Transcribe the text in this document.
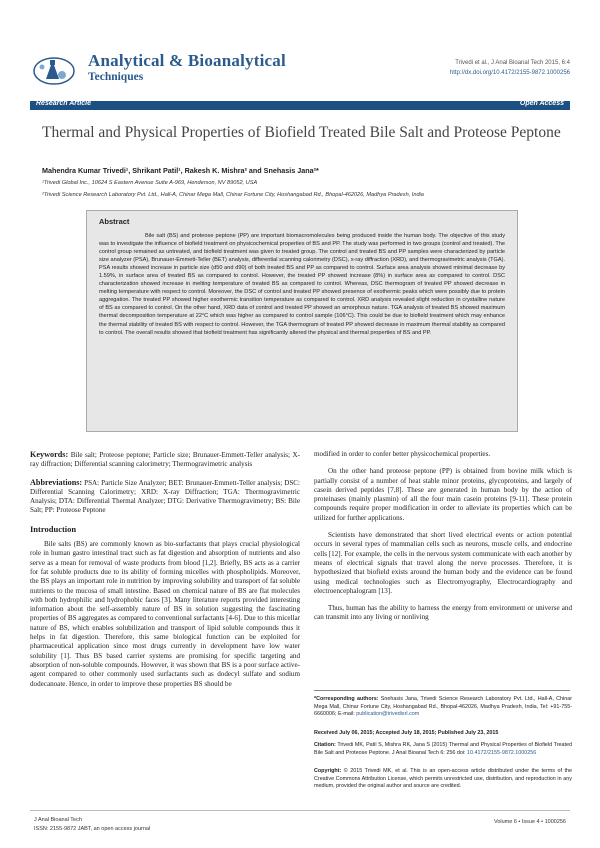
Analytical & Bioanalytical
Techniques
Trivedi et al., J Anal Bioanal Tech 2015, 6:4
http://dx.doi.org/10.4172/2155-9872.1000256
Research Article	Open Access
Thermal and Physical Properties of Biofield Treated Bile Salt and Proteose Peptone
Mahendra Kumar Trivedi¹, Shrikant Patil¹, Rakesh K. Mishra² and Snehasis Jana²*
¹Trivedi Global Inc., 10624 S Eastern Avenue Suite A-969, Henderson, NV 89052, USA
²Trivedi Science Research Laboratory Pvt. Ltd., Hall-A, Chinar Mega Mall, Chinar Fortune City, Hoshangabad Rd., Bhopal-462026, Madhya Pradesh, India
Abstract
Bile salt (BS) and proteose peptone (PP) are important biomacromolecules being produced inside the human body. The objective of this study was to investigate the influence of biofield treatment on physicochemical properties of BS and PP. The study was performed in two groups (control and treated). The control group remained as untreated, and biofield treatment was given to treated group. The control and treated BS and PP samples were characterized by particle size analyzer (PSA), Brunauer-Emmett-Teller (BET) analysis, differential scanning calorimetry (DSC), x-ray diffraction (XRD), and thermogravimetric analysis (TGA). PSA results showed increase in particle size (d50 and d90) of both treated BS and PP as compared to control. Surface area analysis showed minimal decrease by 1.59%, in surface area of treated BS as compared to control. However, the treated PP showed increase (8%) in surface area as compared to control. DSC characterization showed increase in melting temperature of treated BS as compared to control. Whereas, DSC thermogram of treated PP showed decrease in melting temperature with respect to control. Moreover, the DSC of control and treated PP showed presence of exothermic peaks which were possibly due to protein aggregation. The treated PP showed higher exothermic transition temperature as compared to control. XRD analysis revealed slight reduction in crystalline nature of BS as compared to control. On the other hand, XRD data of control and treated PP showed an amorphous nature. TGA analysis of treated BS showed maximum thermal decomposition temperature at 22°C which was higher as compared to control sample (106°C). This could be due to biofield treatment which may enhance the thermal stability of treated BS with respect to control. However, the TGA thermogram of treated PP showed decrease in maximum thermal stability as compared to control. The overall results showed that biofield treatment has significantly altered the physical and thermal properties of BS and PP.

Keywords: Bile salt; Proteose peptone; Particle size; Brunauer-Emmett-Teller analysis; X-ray diffraction; Differential scanning calorimetry; Thermogravimetric analysis

Abbreviations: PSA: Particle Size Analyzer; BET: Brunauer-Emmett-Teller analysis; DSC: Differential Scanning Calorimetry; XRD: X-ray Diffraction; TGA: Thermogravimetric Analysis; DTA: Differential Thermal Analyzer; DTG: Derivative Thermogravimetry; BS: Bile Salt; PP: Proteose Peptone

Introduction

Bile salts (BS) are commonly known as bio-surfactants that plays crucial physiological role in human gastro intestinal tract such as fat digestion and absorption of nutrients and also serve as a mean for removal of waste products from blood [1,2]. Briefly, BS acts as a carrier for fat soluble products due to its ability of forming micelles with phospholipids. Moreover, the BS plays an important role in nutrition by improving solubility and transport of fat soluble nutrients to the mucosa of small intestine. Based on chemical nature of BS are flat molecules with both hydrophilic and hydrophobic faces [3]. Many literature reports provided interesting information about the self-assembly nature of BS in solution suggesting the fascinating properties of BS aggregates as compared to conventional surfactants [4-6]. Due to this micellar nature of BS, which enables solubilization and transport of lipid soluble compounds thus it helps in fat digestion. Therefore, this same biological function can be exploited for pharmaceutical application since most drugs currently in development have low water solubility [1]. Thus BS based carrier systems are promising for specific targeting and absorption of non-soluble compounds. However, it was shown that BS is a poor surface active-agent compared to other commonly used surfactants such as dodecyl sulfate and sodium dodecanoate. Hence, in order to improve these properties BS should be

modified in order to confer better physicochemical properties.

On the other hand proteose peptone (PP) is obtained from bovine milk which is partially consist of a number of heat stable minor proteins, glycoproteins, and largely of casein derived peptides [7,8]. These are generated in human body by the action of proteinases (mainly plasmin) of all the four main casein proteins [9-11]. These protein compounds require proper modification in order to alleviate its properties which can be utilized for further applications.

Scientists have demonstrated that short lived electrical events or action potential occurs in several types of mammalian cells such as neurons, muscle cells, and endocrine cells [12]. For example, the cells in the nervous system communicate with each another by means of electrical signals that travel along the nerve processes. Therefore, it is hypothesized that biofield exists around the human body and the evidence can be found using medical technologies such as Electromyography, Electrocardiography and electroencephalogram [13].

Thus, human has the ability to harness the energy from environment or universe and can transmit into any living or nonliving

*Corresponding authors: Snehasis Jana, Trivedi Science Research Laboratory Pvt. Ltd., Hall-A, Chinar Mega Mall, Chinar Fortune City, Hoshangabad Rd., Bhopal-462026, Madhya Pradesh, India, Tel: +91-755-6660006; E-mail: publication@trivedisrl.com
Received July 06, 2015; Accepted July 18, 2015; Published July 23, 2015
Citation: Trivedi MK, Patil S, Mishra RK, Jana S (2015) Thermal and Physical Properties of Biofield Treated Bile Salt and Proteose Peptone. J Anal Bioanal Tech 6: 256 doi: 10.4172/2155-9872.1000256
Copyright: © 2015 Trivedi MK, et al. This is an open-access article distributed under the terms of the Creative Commons Attribution License, which permits unrestricted use, distribution, and reproduction in any medium, provided the original author and source are credited.
J Anal Bioanal Tech
ISSN: 2155-9872 JABT, an open access journal
Volume 6 • Issue 4 • 1000256
